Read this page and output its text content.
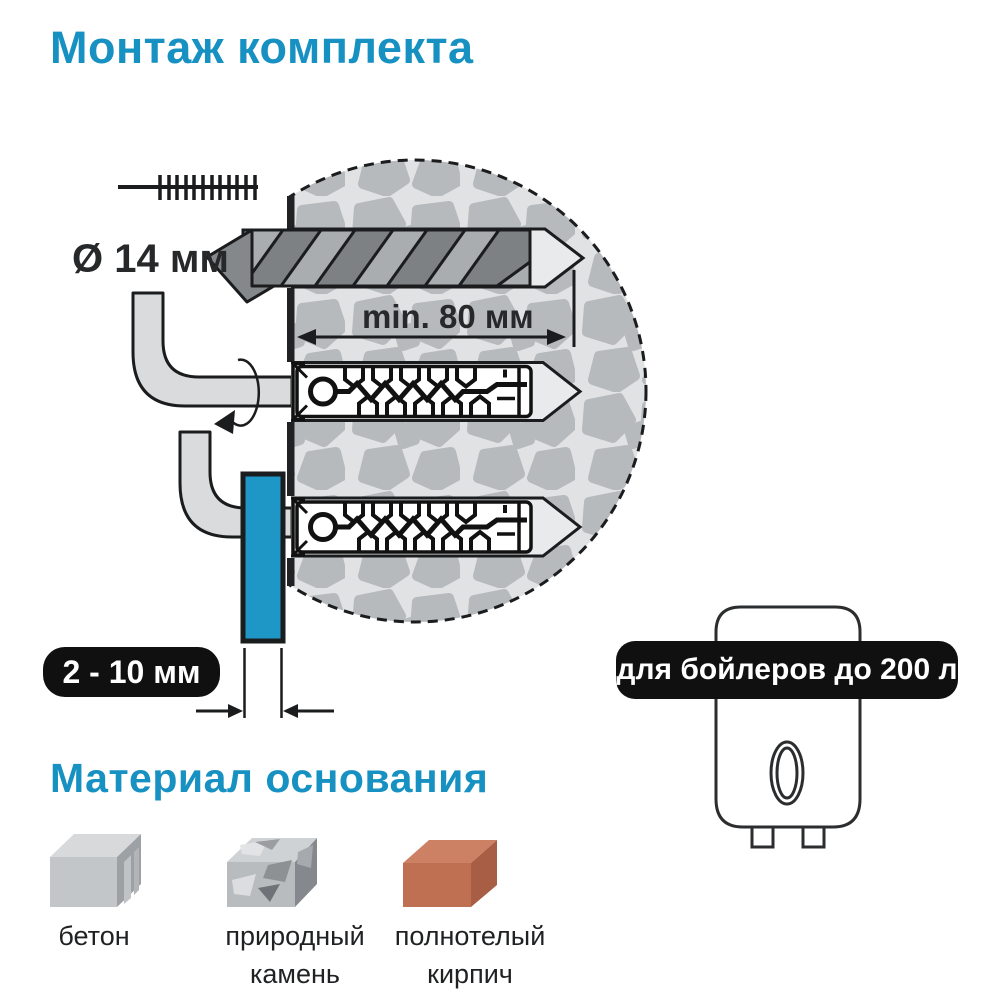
Монтаж комплекта
Ø 14 мм
min. 80 мм
2 - 10 мм	для бойлеров до 200 л
Материал основания
бетон	природный камень
полнотелый кирпич
